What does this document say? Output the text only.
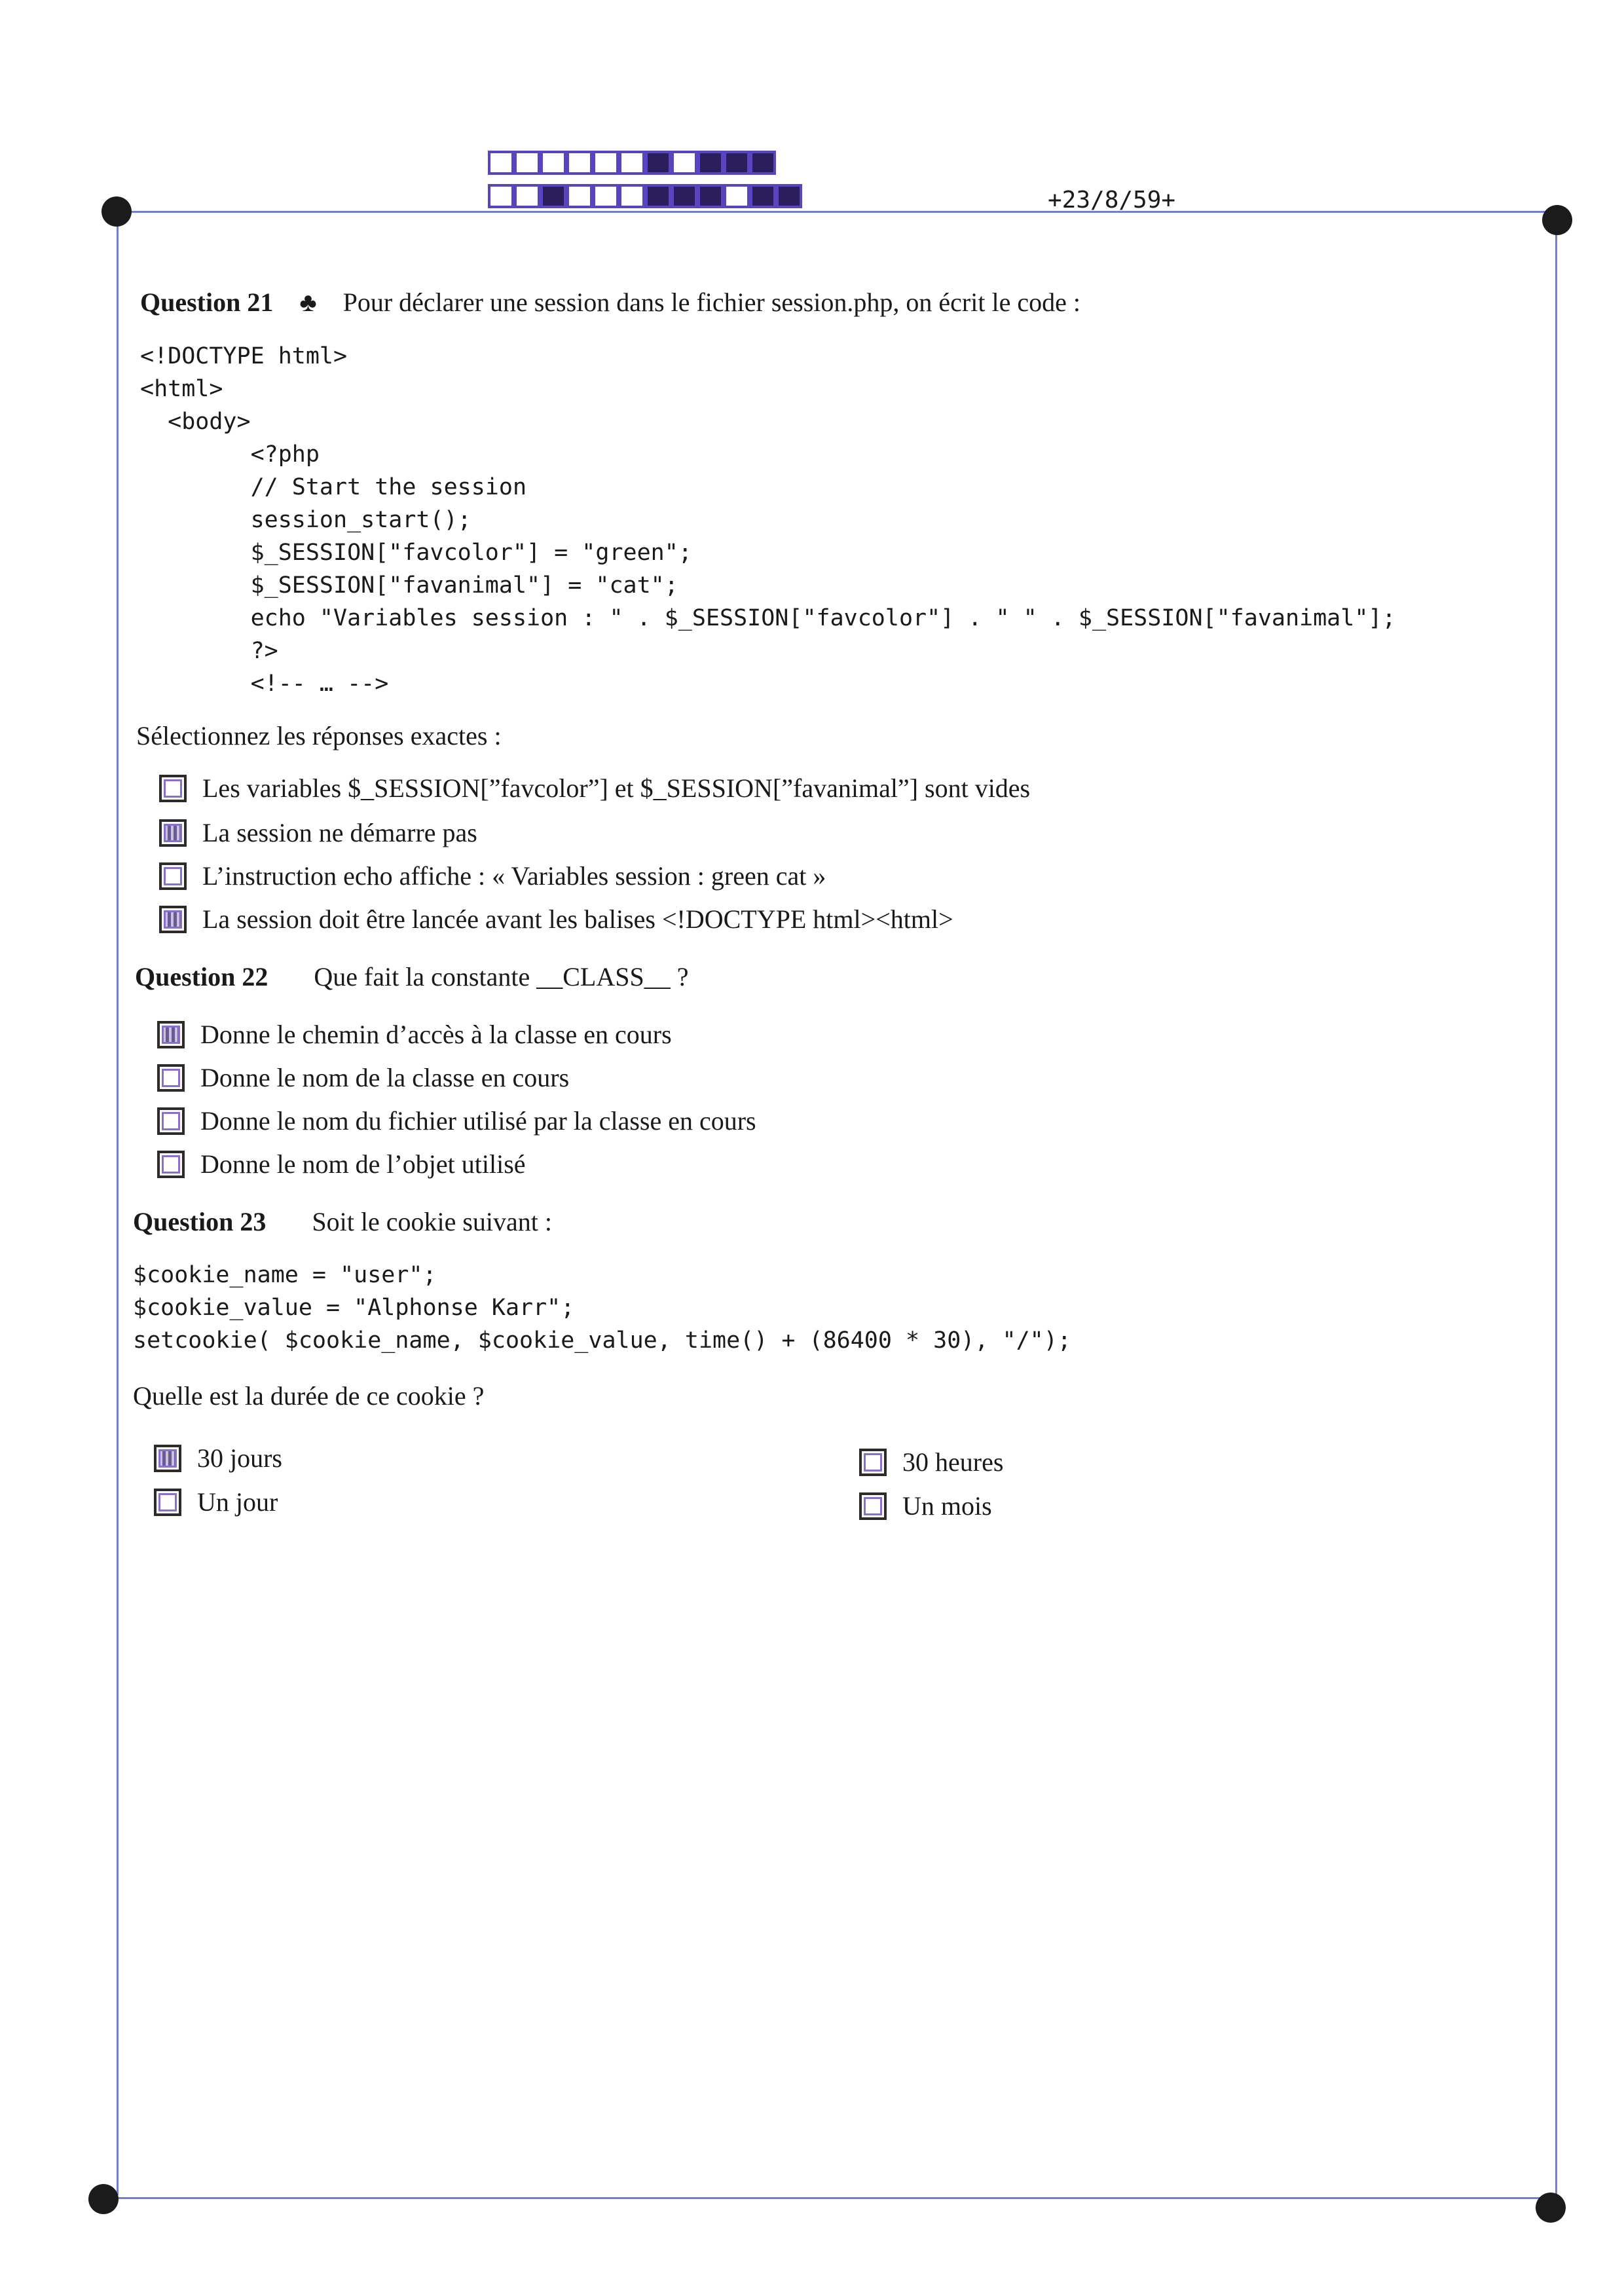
+23/8/59+
Question 21 ♣ Pour déclarer une session dans le fichier session.php, on écrit le code :
<!DOCTYPE html>
<html>
<body>
<?php
// Start the session
session_start();
$_SESSION["favcolor"] = "green";
$_SESSION["favanimal"] = "cat";
echo "Variables session : " . $_SESSION["favcolor"] . " " . $_SESSION["favanimal"];
?>
<!-- … -->
Sélectionnez les réponses exactes :
Les variables $_SESSION[”favcolor”] et $_SESSION[”favanimal”] sont vides
La session ne démarre pas
L’instruction echo affiche : « Variables session : green cat »
La session doit être lancée avant les balises <!DOCTYPE html><html>
Question 22 Que fait la constante __CLASS__ ?
Donne le chemin d’accès à la classe en cours
Donne le nom de la classe en cours
Donne le nom du fichier utilisé par la classe en cours
Donne le nom de l’objet utilisé
Question 23 Soit le cookie suivant :
$cookie_name = "user";
$cookie_value = "Alphonse Karr";
setcookie( $cookie_name, $cookie_value, time() + (86400 * 30), "/");
Quelle est la durée de ce cookie ?
30 jours
Un jour
30 heures
Un mois
